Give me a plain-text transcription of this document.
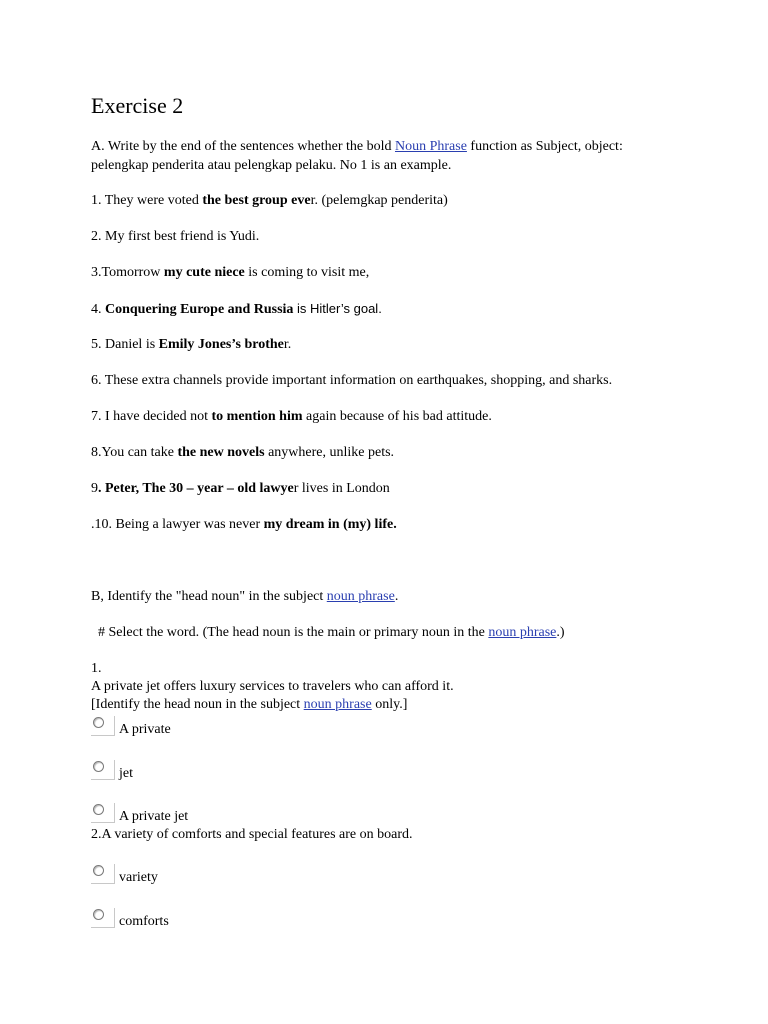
Exercise 2
A. Write by the end of the sentences whether the bold Noun Phrase function as Subject, object:
pelengkap penderita atau pelengkap pelaku. No 1 is an example.
1. They were voted the best group ever. (pelemgkap penderita)
2. My first best friend is Yudi.
3.Tomorrow my cute niece is coming to visit me,
4. Conquering Europe and Russia is Hitler’s goal.
5. Daniel is Emily Jones’s brother.
6. These extra channels provide important information on earthquakes, shopping, and sharks.
7. I have decided not to mention him again because of his bad attitude.
8.You can take the new novels anywhere, unlike pets.
9. Peter, The 30 – year – old lawyer lives in London
.10. Being a lawyer was never my dream in (my) life.
B, Identify the "head noun" in the subject noun phrase.
# Select the word. (The head noun is the main or primary noun in the noun phrase.)
1.
A private jet offers luxury services to travelers who can afford it.
[Identify the head noun in the subject noun phrase only.]
A private
jet
A private jet
2.A variety of comforts and special features are on board.
variety
comforts
